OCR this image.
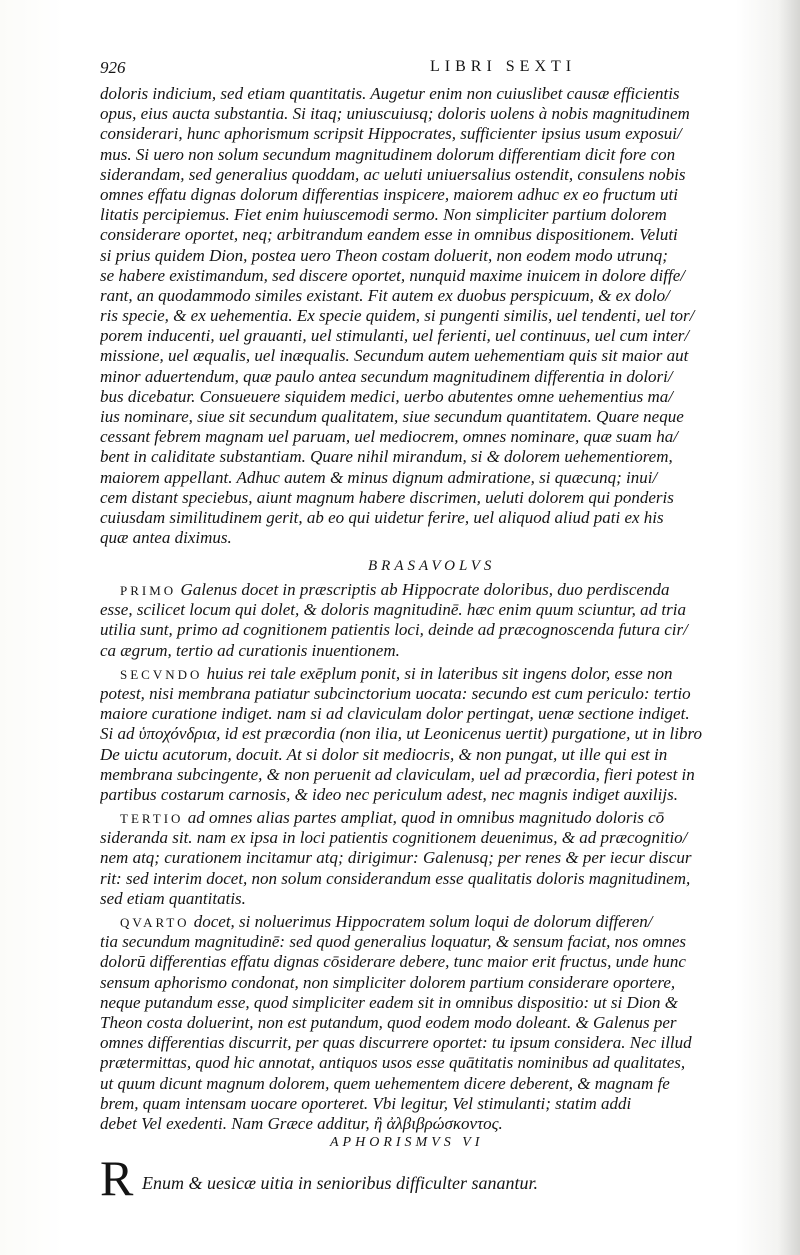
926	LIBRI SEXTI
doloris indicium, sed etiam quantitatis. Augetur enim non cuiuslibet causæ efficientis
opus, eius aucta substantia. Si itaq; uniuscuiusq; doloris uolens à nobis magnitudinem
considerari, hunc aphorismum scripsit Hippocrates, sufficienter ipsius usum exposui/
mus. Si uero non solum secundum magnitudinem dolorum differentiam dicit fore con
siderandam, sed generalius quoddam, ac ueluti uniuersalius ostendit, consulens nobis
omnes effatu dignas dolorum differentias inspicere, maiorem adhuc ex eo fructum uti
litatis percipiemus. Fiet enim huiuscemodi sermo. Non simpliciter partium dolorem
considerare oportet, neq; arbitrandum eandem esse in omnibus dispositionem. Veluti
si prius quidem Dion, postea uero Theon costam doluerit, non eodem modo utrunq;
se habere existimandum, sed discere oportet, nunquid maxime inuicem in dolore diffe/
rant, an quodammodo similes existant. Fit autem ex duobus perspicuum, & ex dolo/
ris specie, & ex uehementia. Ex specie quidem, si pungenti similis, uel tendenti, uel tor/
porem inducenti, uel grauanti, uel stimulanti, uel ferienti, uel continuus, uel cum inter/
missione, uel æqualis, uel inæqualis. Secundum autem uehementiam quis sit maior aut
minor aduertendum, quæ paulo antea secundum magnitudinem differentia in dolori/
bus dicebatur. Consueuere siquidem medici, uerbo abutentes omne uehementius ma/
ius nominare, siue sit secundum qualitatem, siue secundum quantitatem. Quare neque
cessant febrem magnam uel paruam, uel mediocrem, omnes nominare, quæ suam ha/
bent in caliditate substantiam. Quare nihil mirandum, si & dolorem uehementiorem,
maiorem appellant. Adhuc autem & minus dignum admiratione, si quæcunq; inui/
cem distant speciebus, aiunt magnum habere discrimen, ueluti dolorem qui ponderis
cuiusdam similitudinem gerit, ab eo qui uidetur ferire, uel aliquod aliud pati ex his
quæ antea diximus.
BRASAVOLVS
PRIMO Galenus docet in præscriptis ab Hippocrate doloribus, duo perdiscenda
esse, scilicet locum qui dolet, & doloris magnitudinē. hæc enim quum sciuntur, ad tria
utilia sunt, primo ad cognitionem patientis loci, deinde ad præcognoscenda futura cir/
ca ægrum, tertio ad curationis inuentionem.
SECVNDO huius rei tale exēplum ponit, si in lateribus sit ingens dolor, esse non
potest, nisi membrana patiatur subcinctorium uocata: secundo est cum periculo: tertio
maiore curatione indiget. nam si ad claviculam dolor pertingat, uenæ sectione indiget.
Si ad ὑποχόνδρια, id est præcordia (non ilia, ut Leonicenus uertit) purgatione, ut in libro
De uictu acutorum, docuit. At si dolor sit mediocris, & non pungat, ut ille qui est in
membrana subcingente, & non peruenit ad claviculam, uel ad præcordia, fieri potest in
partibus costarum carnosis, & ideo nec periculum adest, nec magnis indiget auxilijs.
TERTIO ad omnes alias partes ampliat, quod in omnibus magnitudo doloris cō
sideranda sit. nam ex ipsa in loci patientis cognitionem deuenimus, & ad præcognitio/
nem atq; curationem incitamur atq; dirigimur: Galenusq; per renes & per iecur discur
rit: sed interim docet, non solum considerandum esse qualitatis doloris magnitudinem,
sed etiam quantitatis.
QVARTO docet, si noluerimus Hippocratem solum loqui de dolorum differen/
tia secundum magnitudinē: sed quod generalius loquatur, & sensum faciat, nos omnes
dolorū differentias effatu dignas cōsiderare debere, tunc maior erit fructus, unde hunc
sensum aphorismo condonat, non simpliciter dolorem partium considerare oportere,
neque putandum esse, quod simpliciter eadem sit in omnibus dispositio: ut si Dion &
Theon costa doluerint, non est putandum, quod eodem modo doleant. & Galenus per
omnes differentias discurrit, per quas discurrere oportet: tu ipsum considera. Nec illud
prætermittas, quod hic annotat, antiquos usos esse quātitatis nominibus ad qualitates,
ut quum dicunt magnum dolorem, quem uehementem dicere deberent, & magnam fe
brem, quam intensam uocare oporteret. Vbi legitur, Vel stimulanti; statim addi
debet Vel exedenti. Nam Græce additur, ἢ ἀλβιβρώσκοντος.
APHORISMVS VI
R Enum & uesicæ uitia in senioribus difficulter sanantur.
